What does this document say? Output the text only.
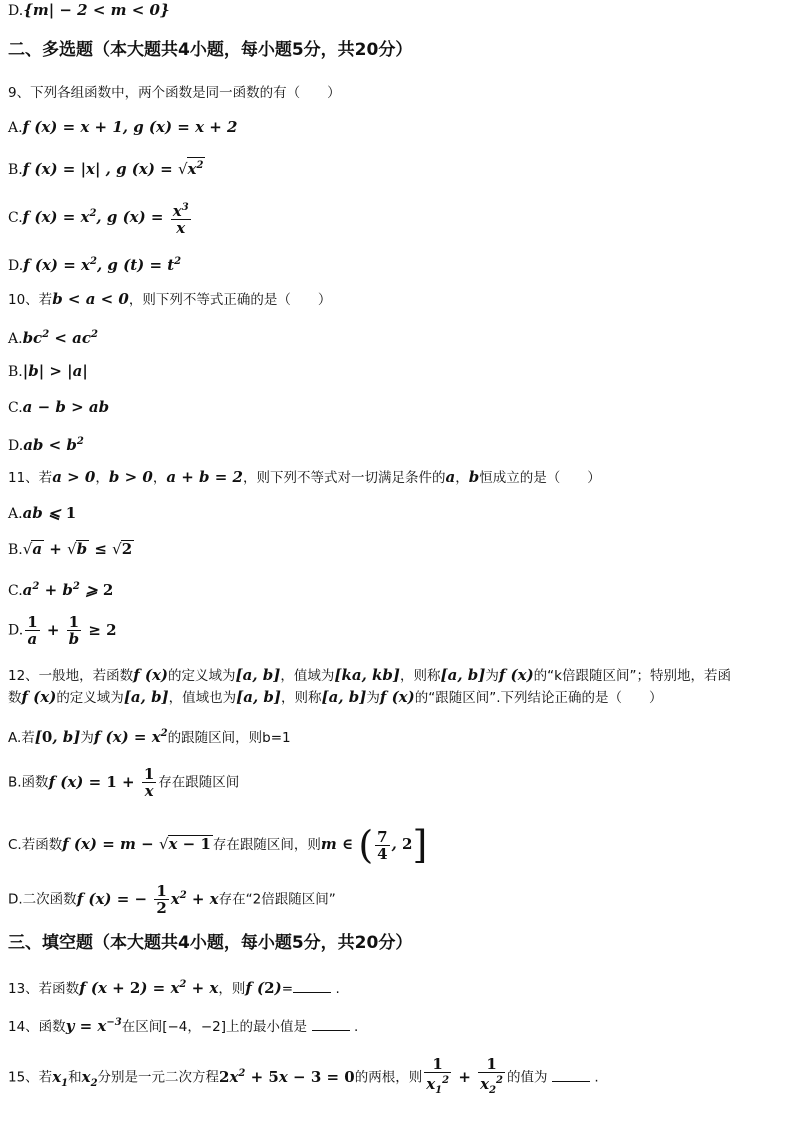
D.{m| − 2 < m < 0}
二、多选题（本大题共4小题，每小题5分，共20分）
9、下列各组函数中，两个函数是同一函数的有（　　）
A.f (x) = x + 1, g (x) = x + 2
B.f (x) = |x| , g $(x) = √x^2$
C.f $(x) = x^2$, g $(x) = \frac{x^3}{x}$
D.f $(x) = x^2$, g $(t) = t^2$
10、若b < a < 0，则下列不等式正确的是（　　）
$A.bc^2 < ac^2$
B.|b| > |a|
C.a − b > ab
$D.ab < b^2$
11、若a > 0，b > 0，a + b = 2，则下列不等式对一切满足条件的a，b恒成立的是（　　）
A.ab ⩽ 1
B.√a + √b ≤ √2
$C.a^2 + b^2$ ⩾ 2
D. $\frac{1}{a} + \frac{1}{b} \ge 2$
12、一般地，若函数f (x)的定义域为[a, b]，值域为[ka, kb]，则称[a, b]为f (x)的“k倍跟随区间”；特别地，若函
数f (x)的定义域为[a, b]，值域也为[a, b]，则称[a, b]为f (x)的“跟随区间”.下列结论正确的是（　　）
A.若[0, b]为f $(x) = x^2$的跟随区间，则b=1
B.函数f $(x) = 1 + \frac{1}{x}$ 存在跟随区间
C.若函数f (x) = m − √x − 1 存在跟随区间，则m ∈ ( $\frac{7}{4}$ , 2]
D.二次函数f (x) = − $\frac{1}{2} x^2 + x$存在“2倍跟随区间”
三、填空题（本大题共4小题，每小题5分，共20分）
13、若函数f $(x + 2) = x^2 + x$，则f (2)=	.
14、函数$y = x^{-3}$在区间[−4，−2]上的最小值是	.
15、若$x_1$和$x_2$分别是一元二次方程$2x^2 + 5x - 3 = 0$的两根，则 $\frac{1}{x_1^2} + \frac{1}{x_2^2}$ 的值为	.
